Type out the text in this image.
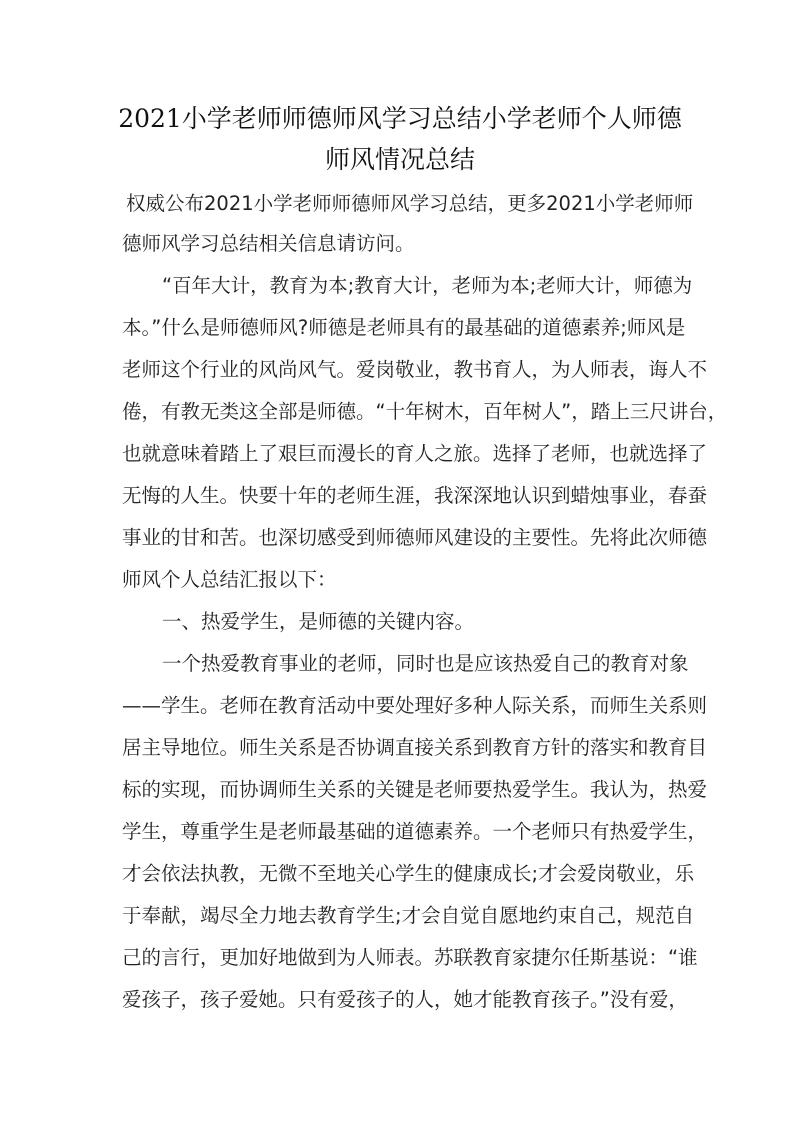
2021小学老师师德师风学习总结小学老师个人师德
师风情况总结
权威公布2021小学老师师德师风学习总结，更多2021小学老师师
德师风学习总结相关信息请访问。
“百年大计，教育为本;教育大计，老师为本;老师大计，师德为
本。”什么是师德师风?师德是老师具有的最基础的道德素养;师风是
老师这个行业的风尚风气。爱岗敬业，教书育人，为人师表，诲人不
倦，有教无类这全部是师德。“十年树木，百年树人”，踏上三尺讲台，
也就意味着踏上了艰巨而漫长的育人之旅。选择了老师，也就选择了
无悔的人生。快要十年的老师生涯，我深深地认识到蜡烛事业，春蚕
事业的甘和苦。也深切感受到师德师风建设的主要性。先将此次师德
师风个人总结汇报以下：
一、热爱学生，是师德的关键内容。
一个热爱教育事业的老师，同时也是应该热爱自己的教育对象
——学生。老师在教育活动中要处理好多种人际关系，而师生关系则
居主导地位。师生关系是否协调直接关系到教育方针的落实和教育目
标的实现，而协调师生关系的关键是老师要热爱学生。我认为，热爱
学生，尊重学生是老师最基础的道德素养。一个老师只有热爱学生，
才会依法执教，无微不至地关心学生的健康成长;才会爱岗敬业，乐
于奉献，竭尽全力地去教育学生;才会自觉自愿地约束自己，规范自
己的言行，更加好地做到为人师表。苏联教育家捷尔任斯基说：“谁
爱孩子，孩子爱她。只有爱孩子的人，她才能教育孩子。”没有爱，
